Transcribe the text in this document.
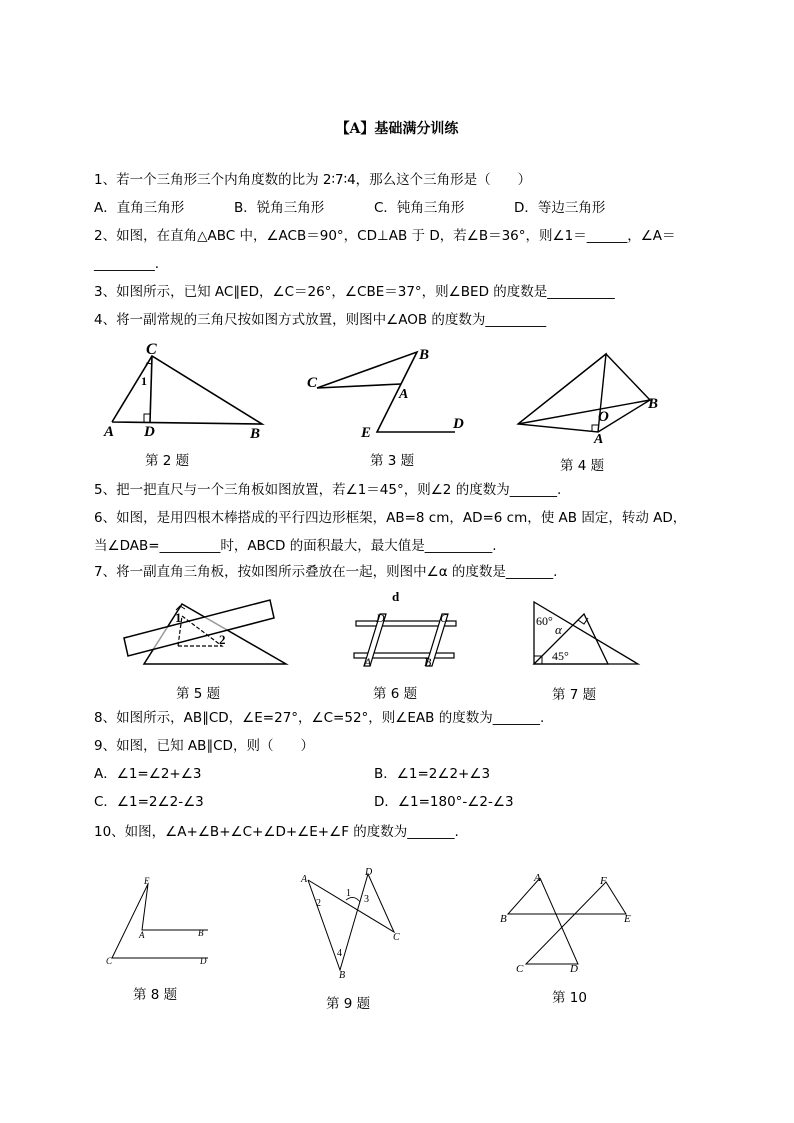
【A】基础满分训练
1、若一个三角形三个内角度数的比为 2∶7∶4，那么这个三角形是（　　）
A．直角三角形	B．锐角三角形	C．钝角三角形	D．等边三角形
2、如图，在直角△ABC 中，∠ACB＝90°，CD⊥AB 于 D，若∠B＝36°，则∠1＝______，∠A＝
_________.
3、如图所示，已知 AC∥ED，∠C＝26°，∠CBE＝37°，则∠BED 的度数是__________
4、将一副常规的三角尺按如图方式放置，则图中∠AOB 的度数为_________
C
1
A D	B
B
C
A
E
D	O
B
A
第 2 题	第 3 题	第 4 题
5、把一把直尺与一个三角板如图放置，若∠1＝45°，则∠2 的度数为_______.
6、如图，是用四根木棒搭成的平行四边形框架，AB=8 cm，AD=6 cm，使 AB 固定，转动 AD，
当∠DAB=_________时，ABCD 的面积最大，最大值是__________.
7、将一副直角三角板，按如图所示叠放在一起，则图中∠α 的度数是_______.
1
2
d
D	C
A	B
60°
α
45°
第 5 题	第 6 题	第 7 题
8、如图所示，AB∥CD，∠E=27°，∠C=52°，则∠EAB 的度数为_______.
9、如图，已知 AB∥CD，则（　　）
A．∠1=∠2+∠3	B．∠1=2∠2+∠3
C．∠1=2∠2-∠3	D．∠1=180°-∠2-∠3
10、如图，∠A+∠B+∠C+∠D+∠E+∠F 的度数为_______.
E
A	B
C	D
A
D
1
2	3
C
4
B
A	F
B	E
C	D
第 8 题
第 9 题	第 10
